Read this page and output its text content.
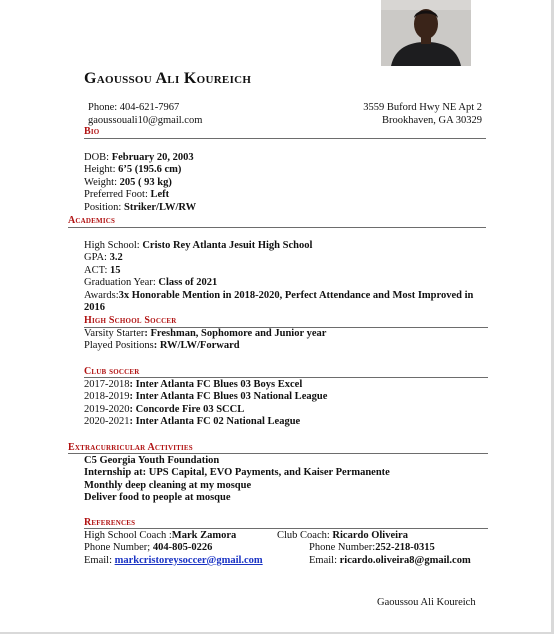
Gaoussou Ali Koureich
Phone: 404-621-7967
gaoussouali10@gmail.com
3559 Buford Hwy NE Apt 2
Brookhaven, GA 30329
Bio
DOB: February 20, 2003
Height: 6’5 (195.6 cm)
Weight: 205 ( 93 kg)
Preferred Foot: Left
Position: Striker/LW/RW
Academics
High School: Cristo Rey Atlanta Jesuit High School
GPA: 3.2
ACT: 15
Graduation Year: Class of 2021
Awards:3x Honorable Mention in 2018-2020, Perfect Attendance and Most Improved in 2016
High School Soccer
Varsity Starter: Freshman, Sophomore and Junior year
Played Positions: RW/LW/Forward
Club soccer
2017-2018: Inter Atlanta FC Blues 03 Boys Excel
2018-2019: Inter Atlanta FC Blues 03 National League
2019-2020: Concorde Fire 03 SCCL
2020-2021: Inter Atlanta FC 02 National League
Extracurricular Activities
C5 Georgia Youth Foundation
Internship at: UPS Capital, EVO Payments, and Kaiser Permanente
Monthly deep cleaning at my mosque
Deliver food to people at mosque
References
High School Coach :Mark Zamora
Phone Number; 404-805-0226
Email: markcristoreysoccer@gmail.com
Club Coach: Ricardo Oliveira
Phone Number:252-218-0315
Email: ricardo.oliveira8@gmail.com
Gaoussou Ali Koureich
